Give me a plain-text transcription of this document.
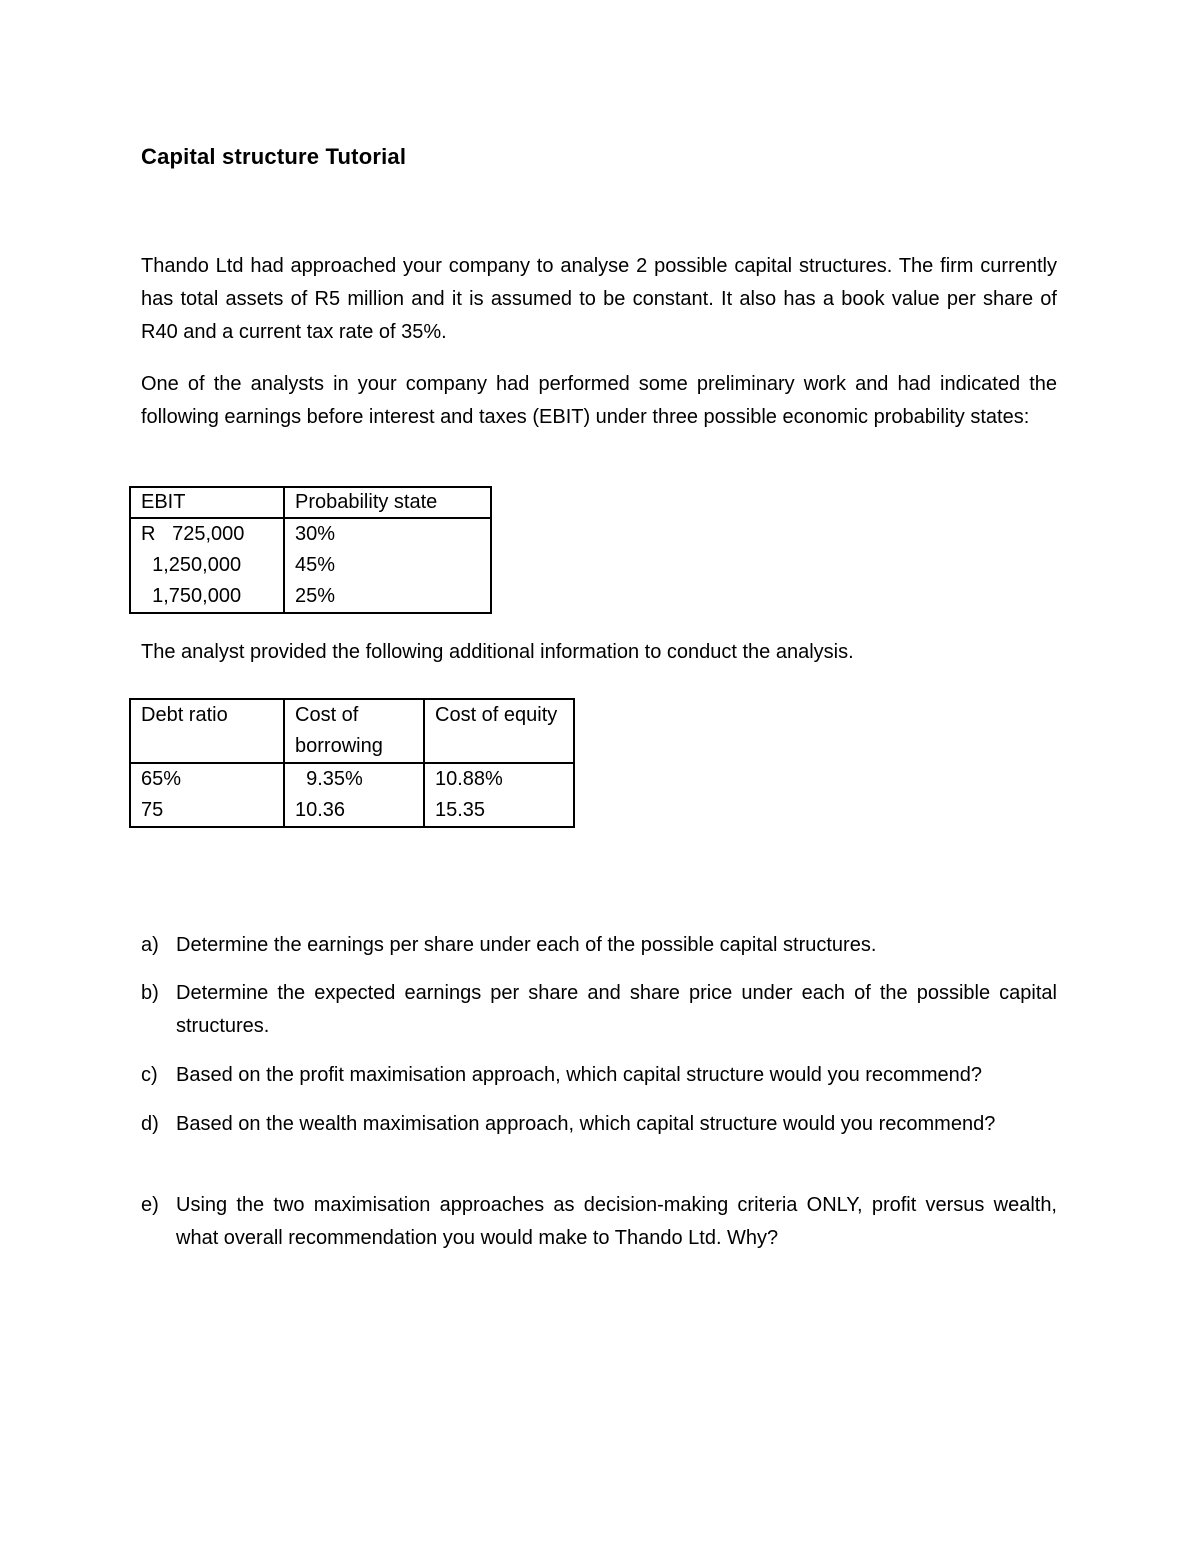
Capital structure Tutorial
Thando Ltd had approached your company to analyse 2 possible capital structures. The firm currently has total assets of R5 million and it is assumed to be constant. It also has a book value per share of R40 and a current tax rate of 35%.
One of the analysts in your company had performed some preliminary work and had indicated the following earnings before interest and taxes (EBIT) under three possible economic probability states:
EBIT	Probability state
R   725,000	30%
1,250,000	45%
1,750,000	25%
The analyst provided the following additional information to conduct the analysis.
Debt ratio	Cost of borrowing	Cost of equity
65%	9.35%	10.88%
75	10.36	15.35
a) Determine the earnings per share under each of the possible capital structures.
b) Determine the expected earnings per share and share price under each of the possible capital structures.
c) Based on the profit maximisation approach, which capital structure would you recommend?
d) Based on the wealth maximisation approach, which capital structure would you recommend?
e) Using the two maximisation approaches as decision-making criteria ONLY, profit versus wealth, what overall recommendation you would make to Thando Ltd. Why?
